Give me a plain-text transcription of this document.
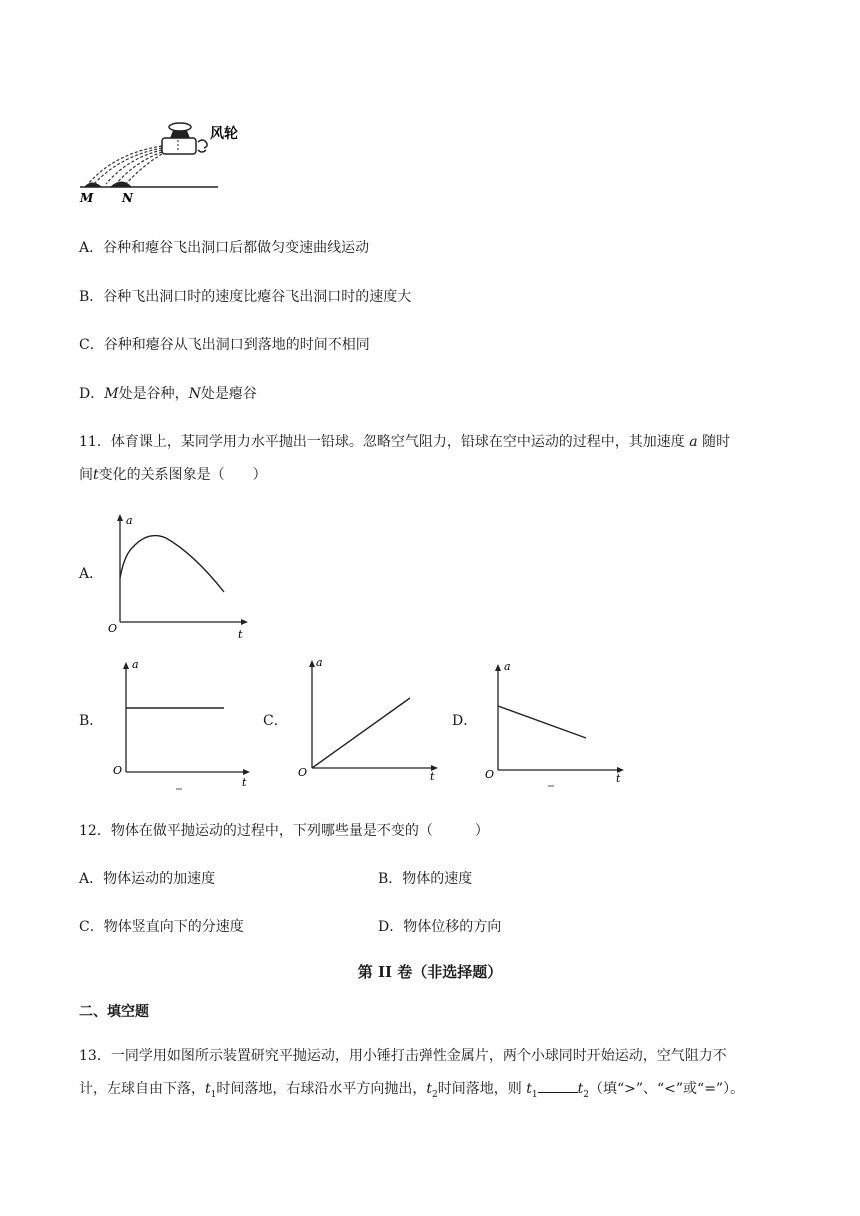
风轮
M N
A．谷种和瘪谷飞出洞口后都做匀变速曲线运动
B．谷种飞出洞口时的速度比瘪谷飞出洞口时的速度大
C．谷种和瘪谷从飞出洞口到落地的时间不相同
D．M处是谷种，N处是瘪谷
11．体育课上，某同学用力水平抛出一铅球。忽略空气阻力，铅球在空中运动的过程中，其加速度 a 随时
间t变化的关系图象是（　　）
A．
a
t
O
B．
a
t
O
C．
a
t
O
D．
a
t
O
12．物体在做平抛运动的过程中，下列哪些量是不变的（　　　）
A．物体运动的加速度	B．物体的速度
C．物体竖直向下的分速度	D．物体位移的方向
第 II 卷（非选择题）
二、填空题
13．一同学用如图所示装置研究平抛运动，用小锤打击弹性金属片，两个小球同时开始运动，空气阻力不
计，左球自由下落，$t_1$时间落地，右球沿水平方向抛出，$t_2$时间落地，则 $t_1$	$t_2$（填“>”、“<”或“=”）。
